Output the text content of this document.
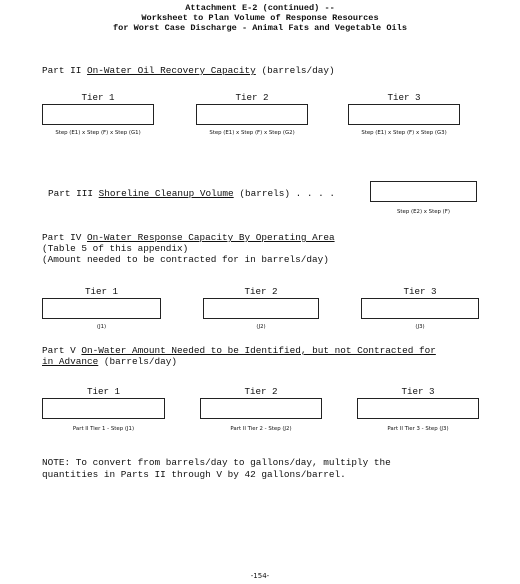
Attachment E-2 (continued) --
Worksheet to Plan Volume of Response Resources
for Worst Case Discharge - Animal Fats and Vegetable Oils
Part II On-Water Oil Recovery Capacity (barrels/day)
Tier 1
Step (E1) x Step (F) x Step (G1)
Tier 2
Step (E1) x Step (F) x Step (G2)
Tier 3
Step (E1) x Step (F) x Step (G3)
Part III Shoreline Cleanup Volume (barrels) . . . .
Step (E2) x Step (F)
Part IV On-Water Response Capacity By Operating Area
(Table 5 of this appendix)
(Amount needed to be contracted for in barrels/day)
Tier 1
(J1)
Tier 2
(J2)
Tier 3
(J3)
Part V On-Water Amount Needed to be Identified, but not Contracted for
in Advance (barrels/day)
Tier 1
Part II Tier 1 - Step (J1)
Tier 2
Part II Tier 2 - Step (J2)
Tier 3
Part II Tier 3 - Step (J3)
NOTE: To convert from barrels/day to gallons/day, multiply the
quantities in Parts II through V by 42 gallons/barrel.
-154-
